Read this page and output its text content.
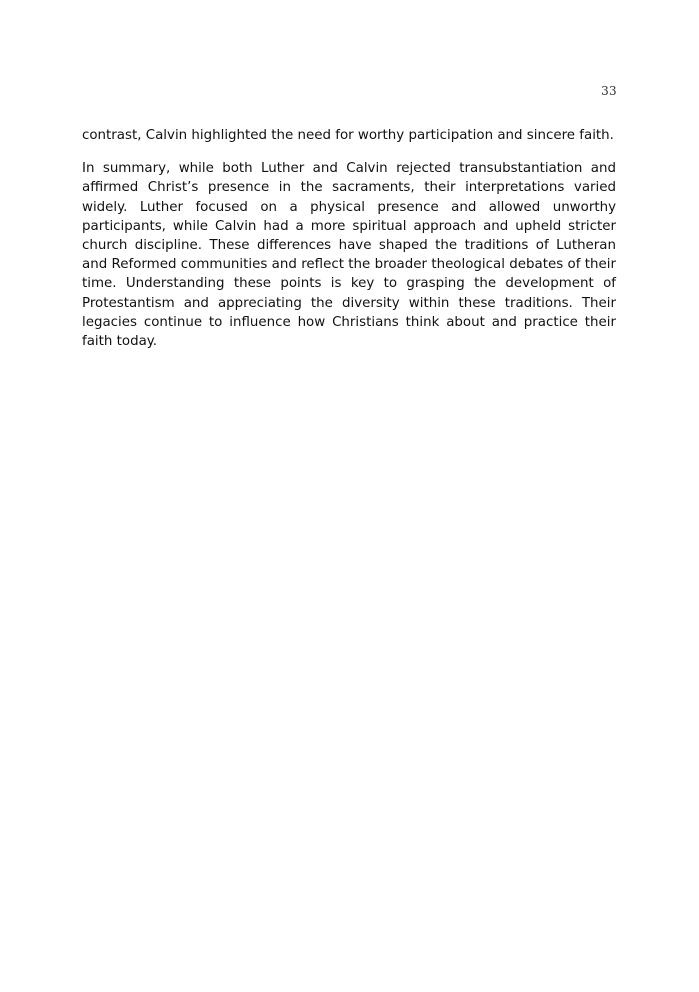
33

contrast, Calvin highlighted the need for worthy participation and sincere faith.

In summary, while both Luther and Calvin rejected transubstantiation and affirmed Christ’s presence in the sacraments, their interpretations varied widely. Luther focused on a physical presence and allowed unworthy participants, while Calvin had a more spiritual approach and upheld stricter church discipline. These differences have shaped the traditions of Lutheran and Reformed communities and reflect the broader theological debates of their time. Understanding these points is key to grasping the development of Protestantism and appreciating the diversity within these traditions. Their legacies continue to influence how Christians think about and practice their faith today.
